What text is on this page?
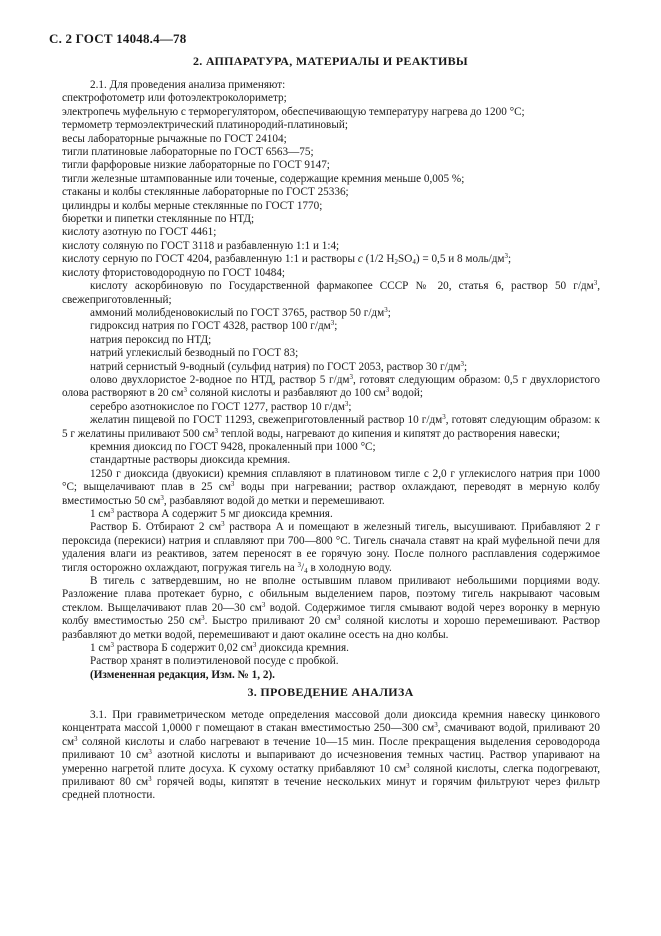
С. 2 ГОСТ 14048.4—78
2. АППАРАТУРА, МАТЕРИАЛЫ И РЕАКТИВЫ

2.1. Для проведения анализа применяют:

спектрофотометр или фотоэлектроколориметр;

электропечь муфельную с терморегулятором, обеспечивающую температуру нагрева до 1200 °С;

термометр термоэлектрический платинородий-платиновый;

весы лабораторные рычажные по ГОСТ 24104;

тигли платиновые лабораторные по ГОСТ 6563—75;

тигли фарфоровые низкие лабораторные по ГОСТ 9147;

тигли железные штампованные или точеные, содержащие кремния меньше 0,005 %;

стаканы и колбы стеклянные лабораторные по ГОСТ 25336;

цилиндры и колбы мерные стеклянные по ГОСТ 1770;

бюретки и пипетки стеклянные по НТД;

кислоту азотную по ГОСТ 4461;

кислоту соляную по ГОСТ 3118 и разбавленную 1:1 и 1:4;

кислоту серную по ГОСТ 4204, разбавленную 1:1 и растворы c (1/2 $H_2SO_4) = 0,5$ и 8 моль/$дм^3$;

кислоту фтористоводородную по ГОСТ 10484;

кислоту аскорбиновую по Государственной фармакопее СССР № 20, статья 6, раствор 50 $г/дм^3$, свежеприготовленный;

аммоний молибденовокислый по ГОСТ 3765, раствор 50 $г/дм^3$;

гидроксид натрия по ГОСТ 4328, раствор 100 $г/дм^3$;

натрия пероксид по НТД;

натрий углекислый безводный по ГОСТ 83;

натрий сернистый 9-водный (сульфид натрия) по ГОСТ 2053, раствор 30 $г/дм^3$;

олово двухлористое 2-водное по НТД, раствор 5 $г/дм^3$, готовят следующим образом: 0,5 г двухлористого олова растворяют в 20 $см^3$ соляной кислоты и разбавляют до 100 $см^3$ водой;

серебро азотнокислое по ГОСТ 1277, раствор 10 $г/дм^3$;

желатин пищевой по ГОСТ 11293, свежеприготовленный раствор 10 $г/дм^3$, готовят следующим образом: к 5 г желатины приливают 500 $см^3$ теплой воды, нагревают до кипения и кипятят до растворения навески;

кремния диоксид по ГОСТ 9428, прокаленный при 1000 °С;

стандартные растворы диоксида кремния.

1250 г диоксида (двуокиси) кремния сплавляют в платиновом тигле с 2,0 г углекислого натрия при 1000 °С; выщелачивают плав в 25 $см^3$ воды при нагревании; раствор охлаждают, переводят в мерную колбу вместимостью 50 $см^3$, разбавляют водой до метки и перемешивают.

1 $см^3$ раствора А содержит 5 мг диоксида кремния.

Раствор Б. Отбирают 2 $см^3$ раствора А и помещают в железный тигель, высушивают. Прибавляют 2 г пероксида (перекиси) натрия и сплавляют при 700—800 °С. Тигель сначала ставят на край муфельной печи для удаления влаги из реактивов, затем переносят в ее горячую зону. После полного расплавления содержимое тигля осторожно охлаждают, погружая тигель на $^3/_4$ в холодную воду.

В тигель с затвердевшим, но не вполне остывшим плавом приливают небольшими порциями воду. Разложение плава протекает бурно, с обильным выделением паров, поэтому тигель накрывают часовым стеклом. Выщелачивают плав 20—30 $см^3$ водой. Содержимое тигля смывают водой через воронку в мерную колбу вместимостью 250 $см^3$. Быстро приливают 20 $см^3$ соляной кислоты и хорошо перемешивают. Раствор разбавляют до метки водой, перемешивают и дают окалине осесть на дно колбы.

1 $см^3$ раствора Б содержит 0,02 $см^3$ диоксида кремния.

Раствор хранят в полиэтиленовой посуде с пробкой.

(Измененная редакция, Изм. № 1, 2).

3. ПРОВЕДЕНИЕ АНАЛИЗА

3.1. При гравиметрическом методе определения массовой доли диоксида кремния навеску цинкового концентрата массой 1,0000 г помещают в стакан вместимостью 250—300 $см^3$, смачивают водой, приливают 20 $см^3$ соляной кислоты и слабо нагревают в течение 10—15 мин. После прекращения выделения сероводорода приливают 10 $см^3$ азотной кислоты и выпаривают до исчезновения темных частиц. Раствор упаривают на умеренно нагретой плите досуха. К сухому остатку прибавляют 10 $см^3$ соляной кислоты, слегка подогревают, приливают 80 $см^3$ горячей воды, кипятят в течение нескольких минут и горячим фильтруют через фильтр средней плотности.
